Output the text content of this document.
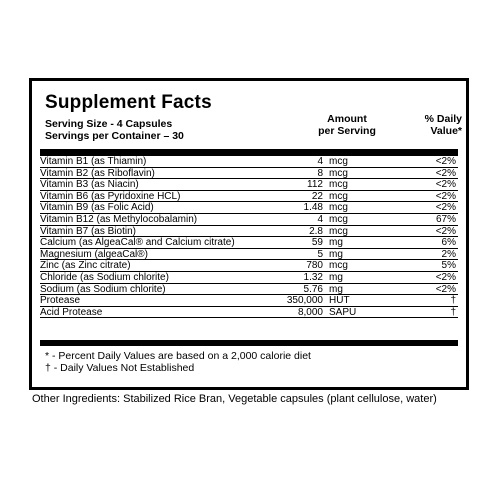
Supplement Facts
Serving Size - 4 Capsules
Servings per Container – 30
Amount
per Serving
% Daily
Value*
Vitamin B1 (as Thiamin)	4 mcg	<2%
Vitamin B2 (as Riboflavin)	8 mcg	<2%
Vitamin B3 (as Niacin)	112 mcg	<2%
Vitamin B6 (as Pyridoxine HCL)	22 mcg	<2%
Vitamin B9 (as Folic Acid)	1.48 mcg	<2%
Vitamin B12 (as Methylocobalamin)	4 mcg	67%
Vitamin B7 (as Biotin)	2.8 mcg	<2%
Calcium (as AlgeaCal® and Calcium citrate)	59 mg	6%
Magnesium (algeaCal®)	5 mg	2%
Zinc (as Zinc citrate)	780 mcg	5%
Chloride (as Sodium chlorite)	1.32 mg	<2%
Sodium (as Sodium chlorite)	5.76 mg	<2%
Protease	350,000 HUT	†
Acid Protease	8,000 SAPU	†
* - Percent Daily Values are based on a 2,000 calorie diet
† - Daily Values Not Established
Other Ingredients: Stabilized Rice Bran, Vegetable capsules (plant cellulose, water)
